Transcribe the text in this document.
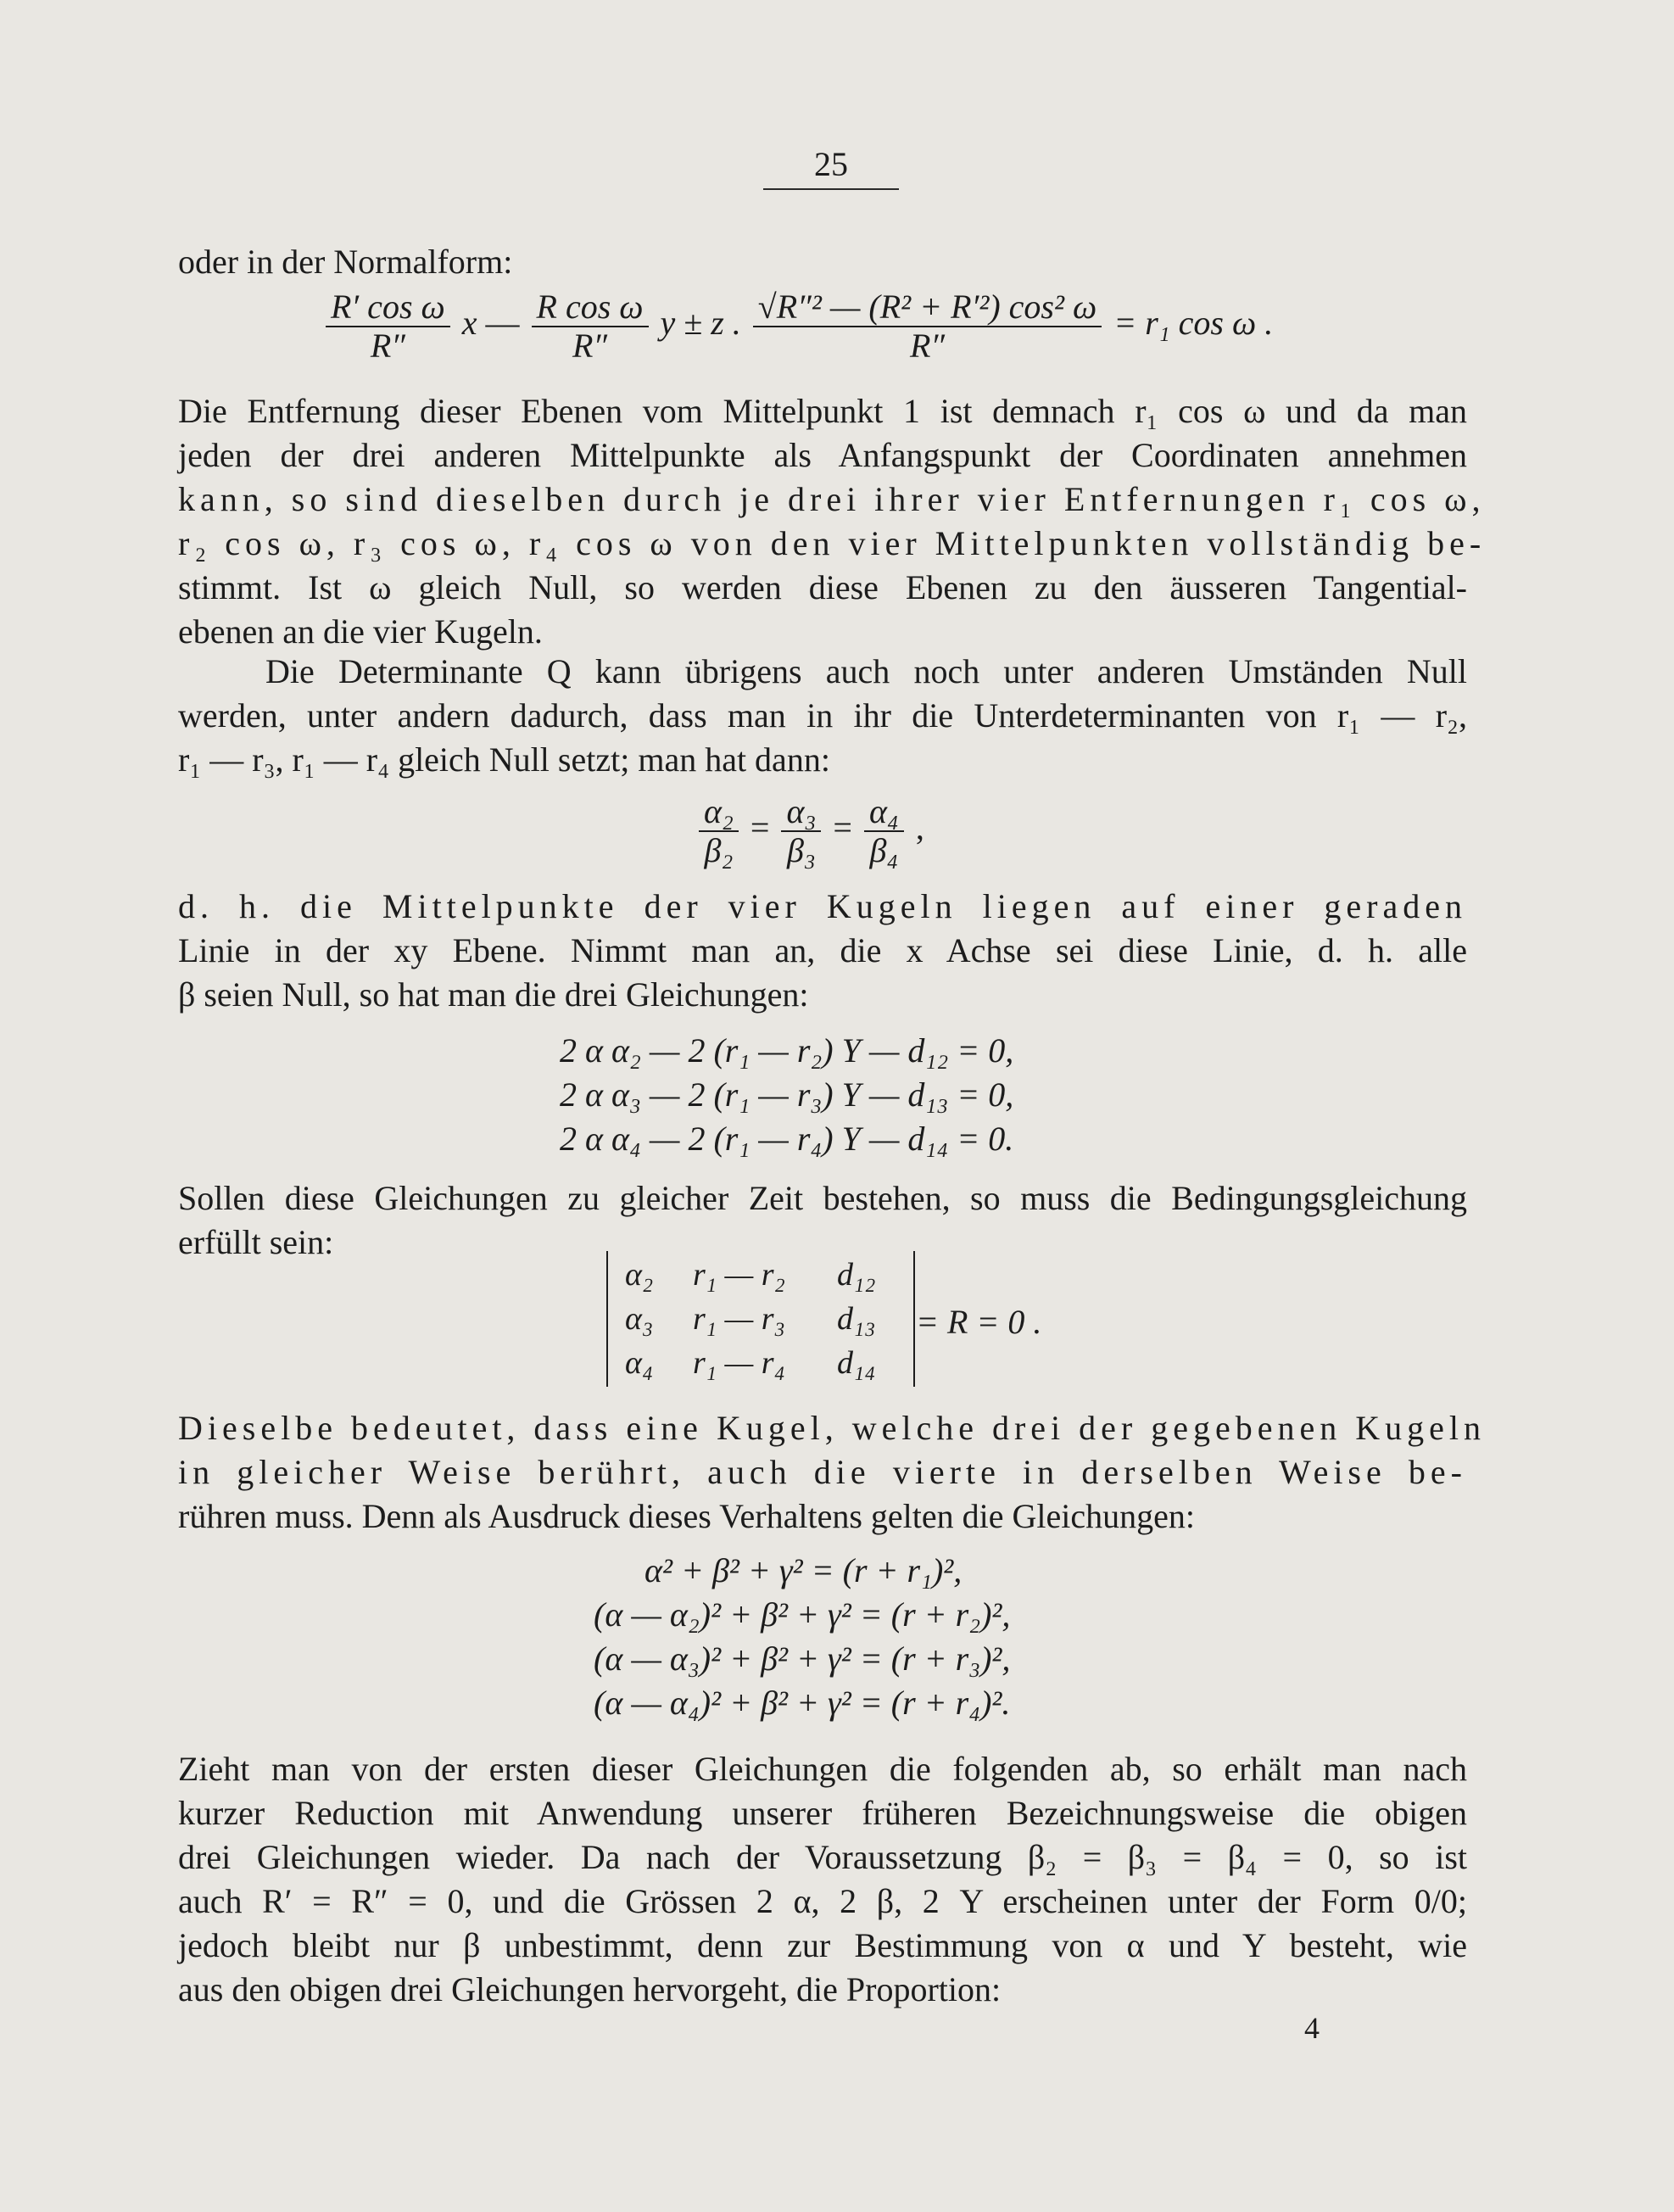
25
oder in der Normalform:
$\frac{\text{R′ cos ω}}{R''}$ x — $\frac{\text{R cos ω}}{R''}$ y ± z . $\frac{\text{√R″² — (R² + R′²) cos² ω}}{R''} = r_1$ cos ω .
Die Entfernung dieser Ebenen vom Mittelpunkt 1 ist demnach r₁ cos ω und da man
jeden der drei anderen Mittelpunkte als Anfangspunkt der Coordinaten annehmen
kann, so sind dieselben durch je drei ihrer vier Entfernungen r₁ cos ω,
r₂ cos ω, r₃ cos ω, r₄ cos ω von den vier Mittelpunkten vollständig be-
stimmt. Ist ω gleich Null, so werden diese Ebenen zu den äusseren Tangential-
ebenen an die vier Kugeln.
Die Determinante Q kann übrigens auch noch unter anderen Umständen Null
werden, unter andern dadurch, dass man in ihr die Unterdeterminanten von r₁ — r₂,
r₁ — r₃, r₁ — r₄ gleich Null setzt; man hat dann:
$\frac{\text{α₂}}{\text{β₂}} = \frac{\text{α₃}}{\text{β₃}} = \frac{\text{α₄}}{\text{β₄}}$ ,
d. h. die Mittelpunkte der vier Kugeln liegen auf einer geraden
Linie in der xy Ebene. Nimmt man an, die x Achse sei diese Linie, d. h. alle
β seien Null, so hat man die drei Gleichungen:
2 α α₂ — 2 (r₁ — r₂) Y — d₁₂ = 0,
2 α α₃ — 2 (r₁ — r₃) Y — d₁₃ = 0,
2 α α₄ — 2 (r₁ — r₄) Y — d₁₄ = 0.
Sollen diese Gleichungen zu gleicher Zeit bestehen, so muss die Bedingungsgleichung
erfüllt sein:
α₂ r₁ — r₂ d₁₂
α₃ r₁ — r₃ d₁₃
α₄ r₁ — r₄ d₁₄
= R = 0 .
Dieselbe bedeutet, dass eine Kugel, welche drei der gegebenen Kugeln
in gleicher Weise berührt, auch die vierte in derselben Weise be-
rühren muss. Denn als Ausdruck dieses Verhaltens gelten die Gleichungen:
α² + β² + γ² = (r + r₁)²,
(α — α₂)² + β² + γ² = (r + r₂)²,
(α — α₃)² + β² + γ² = (r + r₃)²,
(α — α₄)² + β² + γ² = (r + r₄)².
Zieht man von der ersten dieser Gleichungen die folgenden ab, so erhält man nach
kurzer Reduction mit Anwendung unserer früheren Bezeichnungsweise die obigen
drei Gleichungen wieder. Da nach der Voraussetzung β₂ = β₃ = β₄ = 0, so ist
auch R′ = R″ = 0, und die Grössen 2 α, 2 β, 2 Y erscheinen unter der Form 0/0;
jedoch bleibt nur β unbestimmt, denn zur Bestimmung von α und Y besteht, wie
aus den obigen drei Gleichungen hervorgeht, die Proportion:
4
